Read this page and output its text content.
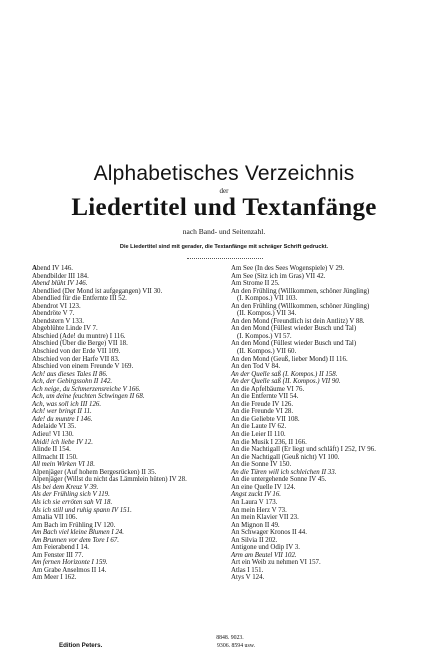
Alphabetisches Verzeichnis
der
Liedertitel und Textanfänge
nach Band- und Seitenzahl.
Die Liedertitel sind mit gerader, die Textanfänge mit schräger Schrift gedruckt.
Abend IV 146.
Abendbilder III 184.
Abend blüht IV 146.
Abendlied (Der Mond ist aufgegangen) VII 30.
Abendlied für die Entfernte III 52.
Abendrot VI 123.
Abendröte V 7.
Abendstern V 133.
Abgeblühte Linde IV 7.
Abschied (Ade! du muntre) I 116.
Abschied (Über die Berge) VII 18.
Abschied von der Erde VII 109.
Abschied von der Harfe VII 83.
Abschied von einem Freunde V 169.
Ach! aus dieses Tales II 86.
Ach, der Gebirgssohn II 142.
Ach neige, du Schmerzensreiche V 166.
Ach, um deine feuchten Schwingen II 68.
Ach, was soll ich III 126.
Ach! wer bringt II 11.
Ade! du muntre I 146.
Adelaide VI 35.
Adieu! VI 130.
Ahidi! ich liebe IV 12.
Alinde II 154.
Allmacht II 150.
All mein Wirken VI 18.
Alpenjäger (Auf hohem Bergesrücken) II 35.
Alpenjäger (Willst du nicht das Lämmlein hüten) IV 28.
Als bei dem Kreuz V 39.
Als der Frühling sich V 119.
Als ich sie erröten sah VI 18.
Als ich still und ruhig spann IV 151.
Amalia VII 106.
Am Bach im Frühling IV 120.
Am Bach viel kleine Blumen I 24.
Am Brunnen vor dem Tore I 67.
Am Feierabend I 14.
Am Fenster III 77.
Am fernen Horizonte I 159.
Am Grabe Anselmos II 14.
Am Meer I 162.
Am See (In des Sees Wogenspiele) V 29.
Am See (Sitz ich im Gras) VII 42.
Am Strome II 25.
An den Frühling (Willkommen, schöner Jüngling)
(I. Kompos.) VII 103.
An den Frühling (Willkommen, schöner Jüngling)
(II. Kompos.) VII 34.
An den Mond (Freundlich ist dein Antlitz) V 88.
An den Mond (Füllest wieder Busch und Tal)
(I. Kompos.) VI 57.
An den Mond (Füllest wieder Busch und Tal)
(II. Kompos.) VII 60.
An den Mond (Geuß, lieber Mond) II 116.
An den Tod V 84.
An der Quelle saß (I. Kompos.) II 158.
An der Quelle saß (II. Kompos.) VII 90.
An die Apfelbäume VI 76.
An die Entfernte VII 54.
An die Freude IV 126.
An die Freunde VI 28.
An die Geliebte VII 108.
An die Laute IV 62.
An die Leier II 110.
An die Musik I 236, II 166.
An die Nachtigall (Er liegt und schläft) I 252, IV 96.
An die Nachtigall (Geuß nicht) VI 100.
An die Sonne IV 150.
An die Türen will ich schleichen II 33.
An die untergehende Sonne IV 45.
An eine Quelle IV 124.
Angst zuckt IV 16.
An Laura V 173.
An mein Herz V 73.
An mein Klavier VII 23.
An Mignon II 49.
An Schwager Kronos II 44.
An Silvia II 202.
Antigone und Odip IV 3.
Arm am Beutel VII 102.
Art ein Weib zu nehmen VI 157.
Atlas I 151.
Atys V 124.
Edition Peters.
8848. 9023.
9306. 8594 usw.
